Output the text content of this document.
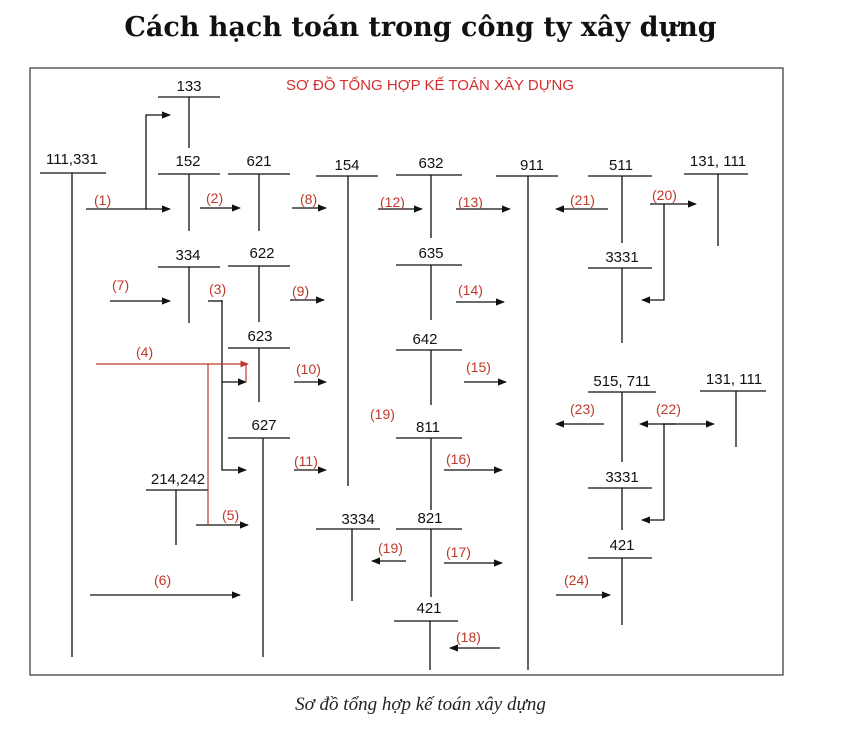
Cách hạch toán trong công ty xây dựng
SƠ ĐỒ TỔNG HỢP KẾ TOÁN XÂY DỰNG
111,331
133
152	621	154	632	911	511	131, 111
334	622	635	3331
623	642
515, 711	131, 111
811
627
214,242	3331
3334	821
421
421
(1)	(2)	(8)	(12)	(13)	(21)	(20)
(7)	(3)	(9)	(14)
(4)
(10)	(15)
(19)	(23)	(22)
(11)	(16)
(5)
(19)	(17)
(6)	(24)
(18)
Sơ đồ tổng hợp kế toán xây dựng
